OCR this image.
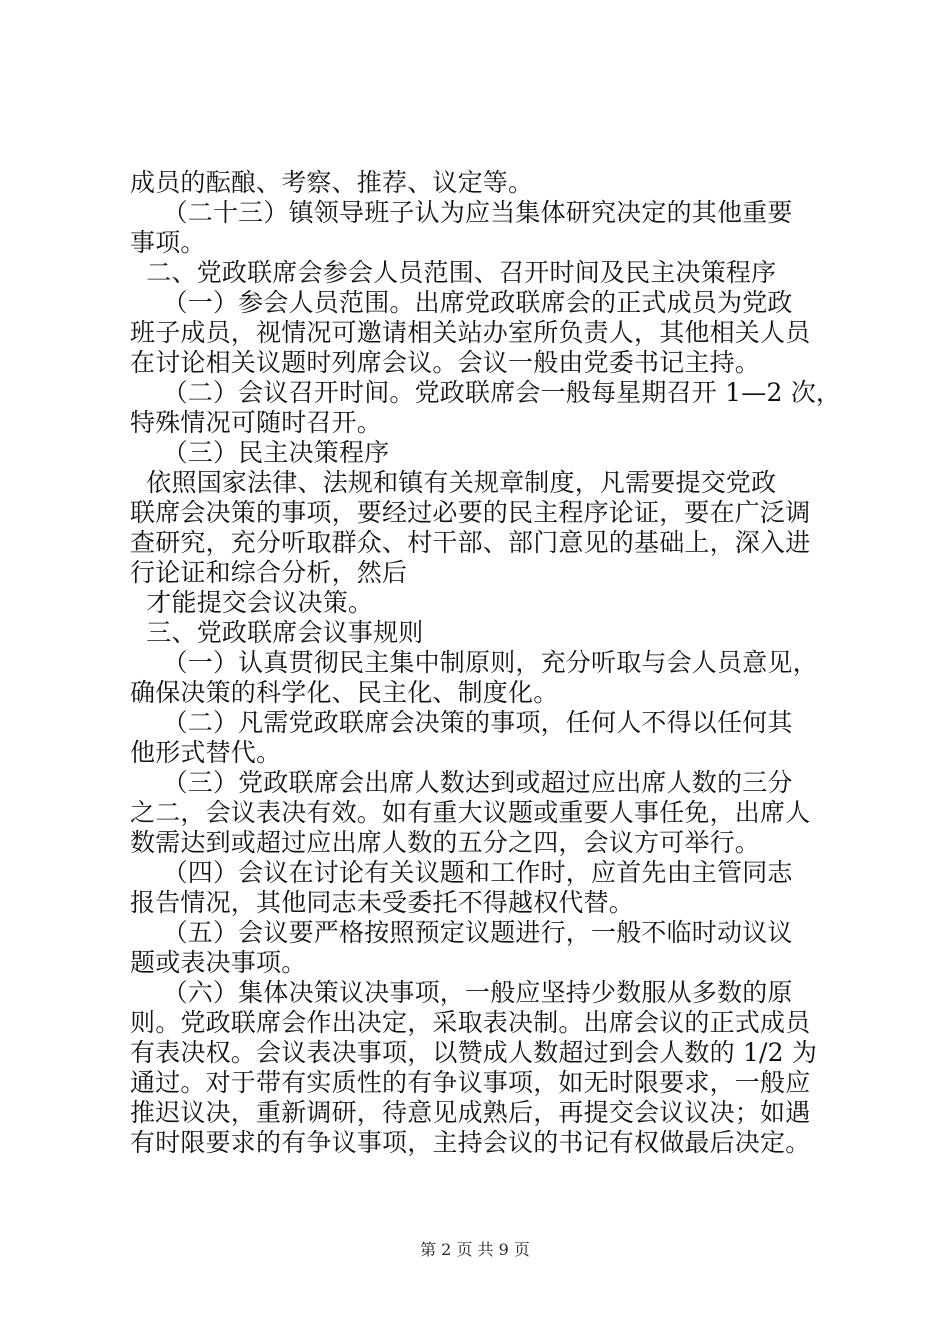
成员的酝酿、考察、推荐、议定等。
（二十三）镇领导班子认为应当集体研究决定的其他重要
事项。
二、党政联席会参会人员范围、召开时间及民主决策程序
（一）参会人员范围。出席党政联席会的正式成员为党政
班子成员，视情况可邀请相关站办室所负责人，其他相关人员
在讨论相关议题时列席会议。会议一般由党委书记主持。
（二）会议召开时间。党政联席会一般每星期召开 1—2 次，
特殊情况可随时召开。
（三）民主决策程序
依照国家法律、法规和镇有关规章制度，凡需要提交党政
联席会决策的事项，要经过必要的民主程序论证，要在广泛调
查研究，充分听取群众、村干部、部门意见的基础上，深入进
行论证和综合分析，然后
才能提交会议决策。
三、党政联席会议事规则
（一）认真贯彻民主集中制原则，充分听取与会人员意见，
确保决策的科学化、民主化、制度化。
（二）凡需党政联席会决策的事项，任何人不得以任何其
他形式替代。
（三）党政联席会出席人数达到或超过应出席人数的三分
之二，会议表决有效。如有重大议题或重要人事任免，出席人
数需达到或超过应出席人数的五分之四，会议方可举行。
（四）会议在讨论有关议题和工作时，应首先由主管同志
报告情况，其他同志未受委托不得越权代替。
（五）会议要严格按照预定议题进行，一般不临时动议议
题或表决事项。
（六）集体决策议决事项，一般应坚持少数服从多数的原
则。党政联席会作出决定，采取表决制。出席会议的正式成员
有表决权。会议表决事项，以赞成人数超过到会人数的 1/2 为
通过。对于带有实质性的有争议事项，如无时限要求，一般应
推迟议决，重新调研，待意见成熟后，再提交会议议决；如遇
有时限要求的有争议事项，主持会议的书记有权做最后决定。
第 2 页 共 9 页
